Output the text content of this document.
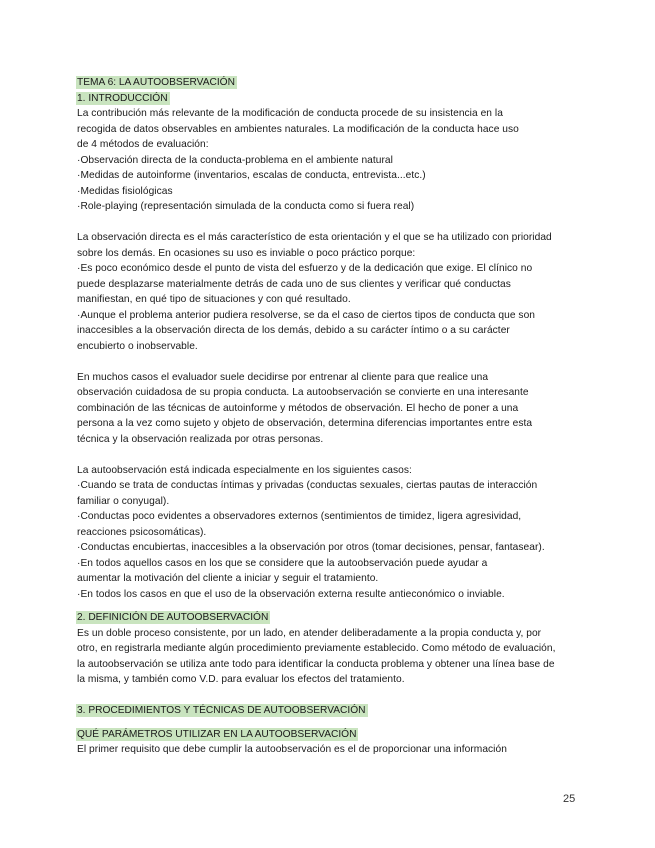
TEMA 6: LA AUTOOBSERVACIÓN
1. INTRODUCCIÓN
La contribución más relevante de la modificación de conducta procede de su insistencia en la
recogida de datos observables en ambientes naturales. La modificación de la conducta hace uso
de 4 métodos de evaluación:
·Observación directa de la conducta-problema en el ambiente natural
·Medidas de autoinforme (inventarios, escalas de conducta, entrevista...etc.)
·Medidas fisiológicas
·Role-playing (representación simulada de la conducta como si fuera real)
La observación directa es el más característico de esta orientación y el que se ha utilizado con prioridad
sobre los demás. En ocasiones su uso es inviable o poco práctico porque:
·Es poco económico desde el punto de vista del esfuerzo y de la dedicación que exige. El clínico no
puede desplazarse materialmente detrás de cada uno de sus clientes y verificar qué conductas
manifiestan, en qué tipo de situaciones y con qué resultado.
·Aunque el problema anterior pudiera resolverse, se da el caso de ciertos tipos de conducta que son
inaccesibles a la observación directa de los demás, debido a su carácter íntimo o a su carácter
encubierto o inobservable.
En muchos casos el evaluador suele decidirse por entrenar al cliente para que realice una
observación cuidadosa de su propia conducta. La autoobservación se convierte en una interesante
combinación de las técnicas de autoinforme y métodos de observación. El hecho de poner a una
persona a la vez como sujeto y objeto de observación, determina diferencias importantes entre esta
técnica y la observación realizada por otras personas.
La autoobservación está indicada especialmente en los siguientes casos:
·Cuando se trata de conductas íntimas y privadas (conductas sexuales, ciertas pautas de interacción
familiar o conyugal).
·Conductas poco evidentes a observadores externos (sentimientos de timidez, ligera agresividad,
reacciones psicosomáticas).
·Conductas encubiertas, inaccesibles a la observación por otros (tomar decisiones, pensar, fantasear).
·En todos aquellos casos en los que se considere que la autoobservación puede ayudar a
aumentar la motivación del cliente a iniciar y seguir el tratamiento.
·En todos los casos en que el uso de la observación externa resulte antieconómico o inviable.
2. DEFINICIÓN DE AUTOOBSERVACIÓN
Es un doble proceso consistente, por un lado, en atender deliberadamente a la propia conducta y, por
otro, en registrarla mediante algún procedimiento previamente establecido. Como método de evaluación,
la autoobservación se utiliza ante todo para identificar la conducta problema y obtener una línea base de
la misma, y también como V.D. para evaluar los efectos del tratamiento.
3. PROCEDIMIENTOS Y TÉCNICAS DE AUTOOBSERVACIÓN
QUÉ PARÁMETROS UTILIZAR EN LA AUTOOBSERVACIÓN
El primer requisito que debe cumplir la autoobservación es el de proporcionar una información
25
